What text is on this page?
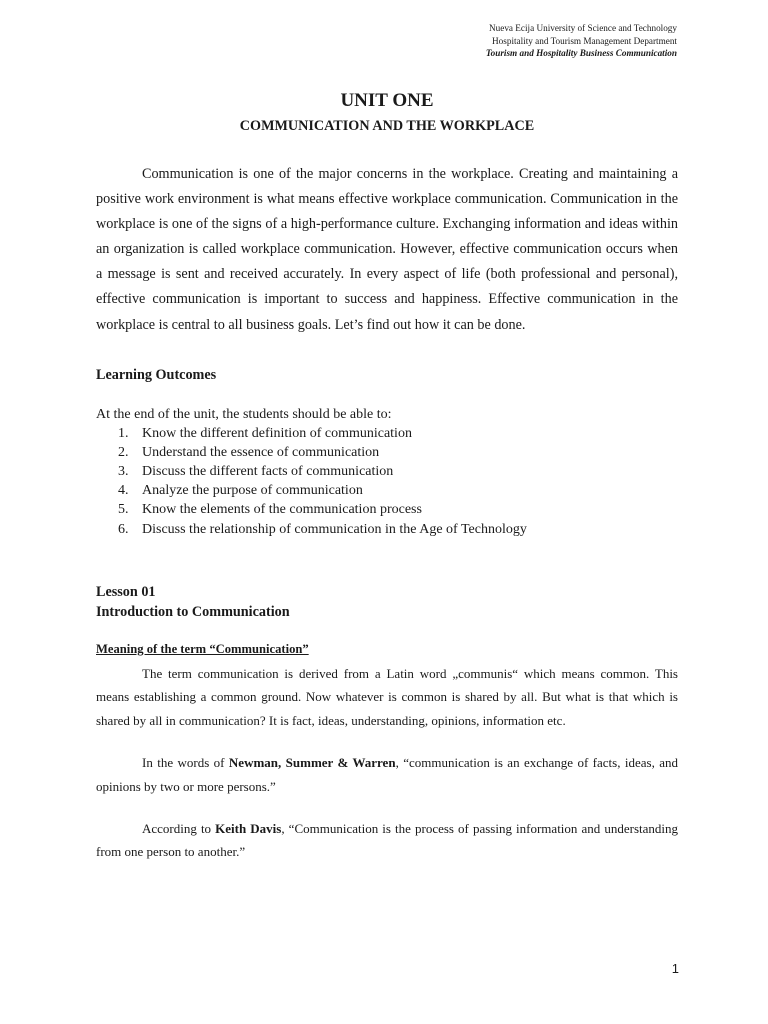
Nueva Ecija University of Science and Technology
Hospitality and Tourism Management Department
Tourism and Hospitality Business Communication
UNIT ONE
COMMUNICATION AND THE WORKPLACE

Communication is one of the major concerns in the workplace. Creating and maintaining a positive work environment is what means effective workplace communication. Communication in the workplace is one of the signs of a high-performance culture. Exchanging information and ideas within an organization is called workplace communication. However, effective communication occurs when a message is sent and received accurately. In every aspect of life (both professional and personal), effective communication is important to success and happiness. Effective communication in the workplace is central to all business goals. Let’s find out how it can be done.

Learning Outcomes

At the end of the unit, the students should be able to:

1. Know the different definition of communication
2. Understand the essence of communication
3. Discuss the different facts of communication
4. Analyze the purpose of communication
5. Know the elements of the communication process
6. Discuss the relationship of communication in the Age of Technology
Lesson 01
Introduction to Communication
Meaning of the term “Communication”

The term communication is derived from a Latin word „communis“ which means common. This means establishing a common ground. Now whatever is common is shared by all. But what is that which is shared by all in communication? It is fact, ideas, understanding, opinions, information etc.

In the words of Newman, Summer & Warren, “communication is an exchange of facts, ideas, and opinions by two or more persons.”

According to Keith Davis, “Communication is the process of passing information and understanding from one person to another.”

1
